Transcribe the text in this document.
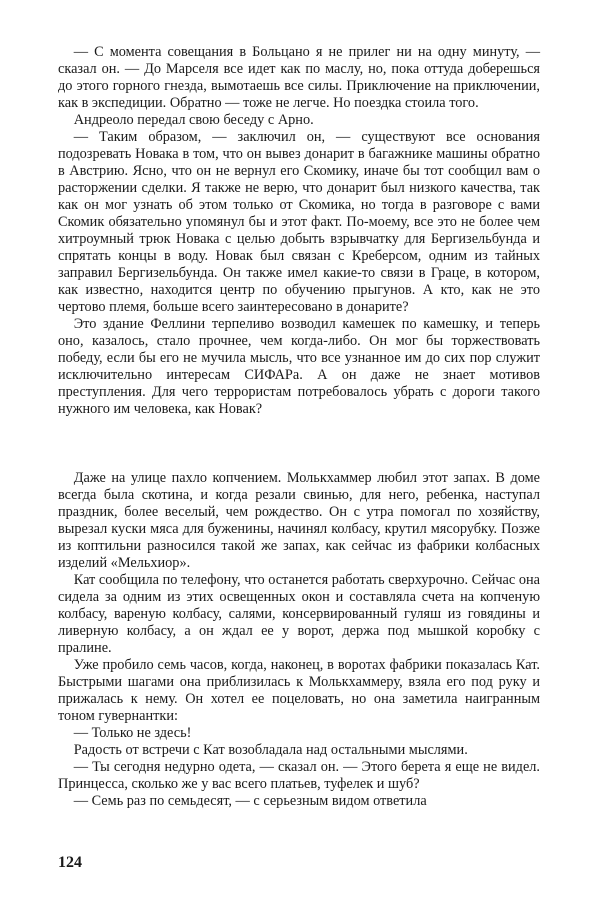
— С момента совещания в Больцано я не прилег ни на одну минуту, — сказал он. — До Марселя все идет как по маслу, но, пока оттуда доберешься до этого горного гнезда, вымотаешь все силы. Приключение на приключении, как в экспедиции. Обратно — тоже не легче. Но поездка стоила того.

Андреоло передал свою беседу с Арно.

— Таким образом, — заключил он, — существуют все основания подозревать Новака в том, что он вывез донарит в багажнике машины обратно в Австрию. Ясно, что он не вернул его Скомику, иначе бы тот сообщил вам о расторжении сделки. Я также не верю, что донарит был низкого качества, так как он мог узнать об этом только от Скомика, но тогда в разговоре с вами Скомик обязательно упомянул бы и этот факт. По-моему, все это не более чем хитроумный трюк Новака с целью добыть взрывчатку для Бергизельбунда и спрятать концы в воду. Новак был связан с Креберсом, одним из тайных заправил Бергизельбунда. Он также имел какие-то связи в Граце, в котором, как известно, находится центр по обучению прыгунов. А кто, как не это чертово племя, больше всего заинтересовано в донарите?

Это здание Феллини терпеливо возводил камешек по камешку, и теперь оно, казалось, стало прочнее, чем когда-либо. Он мог бы торжествовать победу, если бы его не мучила мысль, что все узнанное им до сих пор служит исключительно интересам СИФАРа. А он даже не знает мотивов преступления. Для чего террористам потребовалось убрать с дороги такого нужного им человека, как Новак?

Даже на улице пахло копчением. Молькхаммер любил этот запах. В доме всегда была скотина, и когда резали свинью, для него, ребенка, наступал праздник, более веселый, чем рождество. Он с утра помогал по хозяйству, вырезал куски мяса для буженины, начинял колбасу, крутил мясорубку. Позже из коптильни разносился такой же запах, как сейчас из фабрики колбасных изделий «Мельхиор».

Кат сообщила по телефону, что останется работать сверхурочно. Сейчас она сидела за одним из этих освещенных окон и составляла счета на копченую колбасу, вареную колбасу, салями, консервированный гуляш из говядины и ливерную колбасу, а он ждал ее у ворот, держа под мышкой коробку с пралине.

Уже пробило семь часов, когда, наконец, в воротах фабрики показалась Кат. Быстрыми шагами она приблизилась к Молькхаммеру, взяла его под руку и прижалась к нему. Он хотел ее поцеловать, но она заметила наигранным тоном гувернантки:

— Только не здесь!

Радость от встречи с Кат возобладала над остальными мыслями.

— Ты сегодня недурно одета, — сказал он. — Этого берета я еще не видел. Принцесса, сколько же у вас всего платьев, туфелек и шуб?

— Семь раз по семьдесят, — с серьезным видом ответила

124
